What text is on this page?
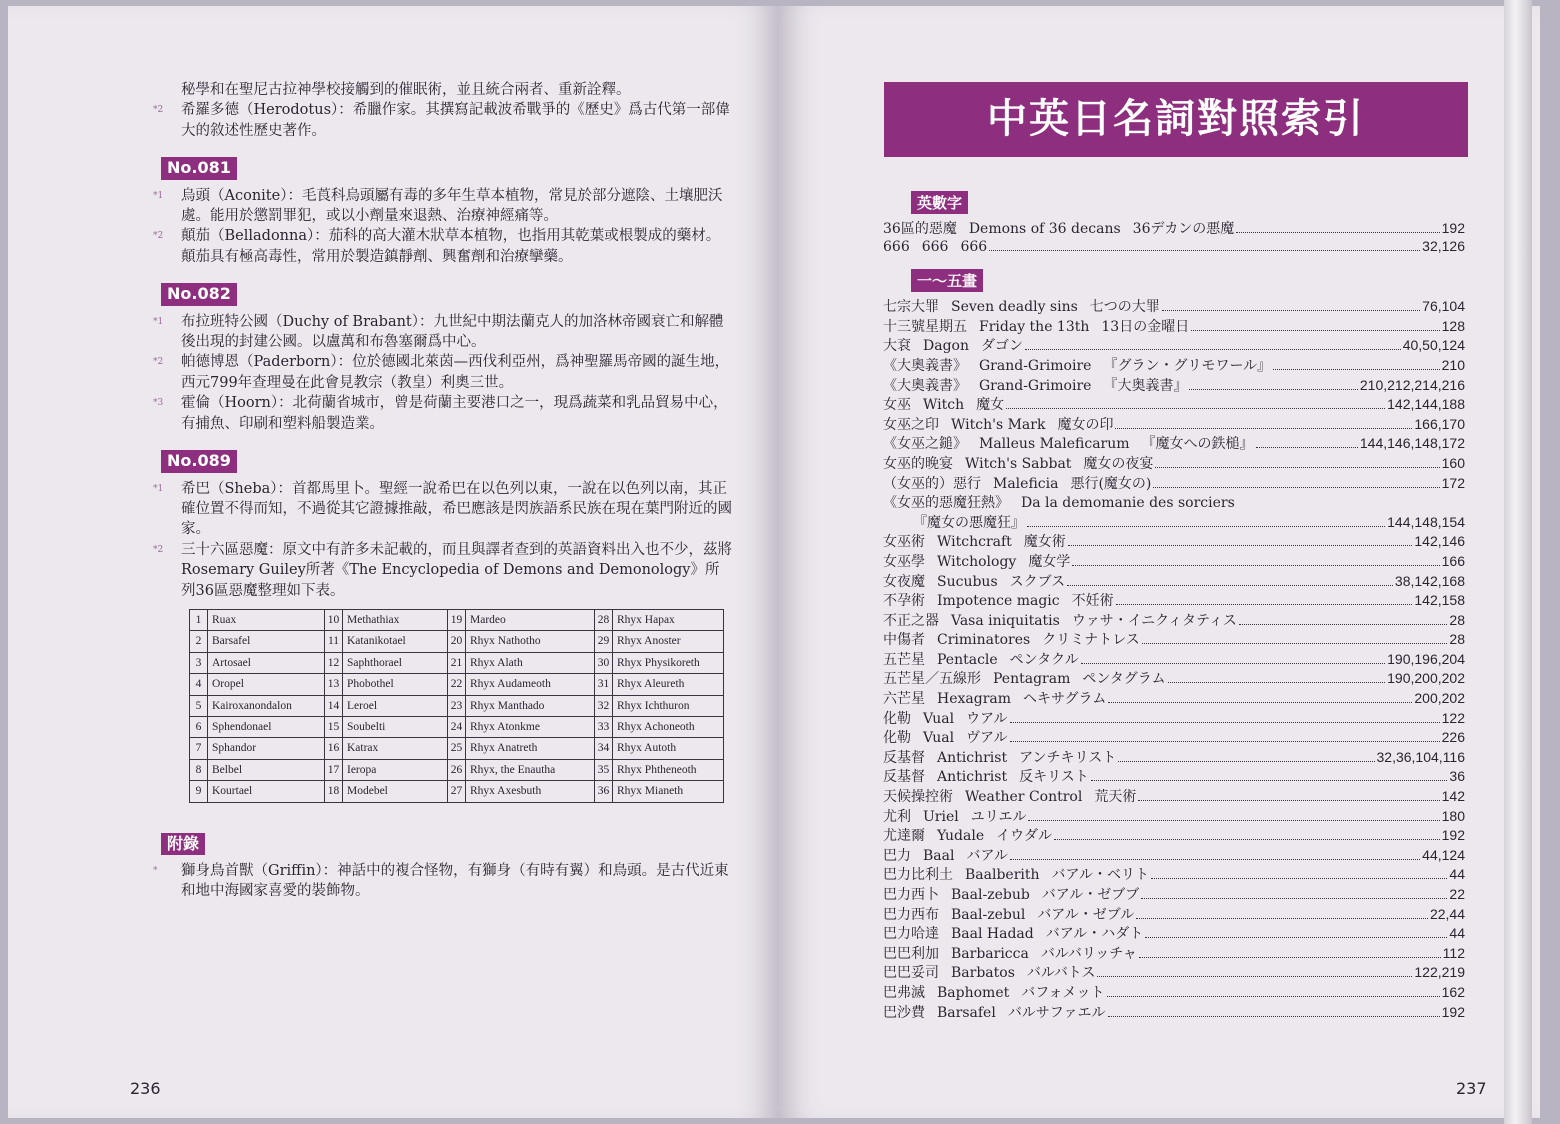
秘學和在聖尼古拉神學校接觸到的催眠術，並且統合兩者、重新詮釋。

*2 希羅多德（Herodotus）：希臘作家。其撰寫記載波希戰爭的《歷史》爲古代第一部偉大的敘述性歷史著作。

No.081

*1 烏頭（Aconite）：毛莨科烏頭屬有毒的多年生草本植物，常見於部分遮陰、土壤肥沃處。能用於懲罰罪犯，或以小劑量來退熱、治療神經痛等。

*2 顛茄（Belladonna）：茄科的高大灌木狀草本植物，也指用其乾葉或根製成的藥材。顛茄具有極高毒性，常用於製造鎮靜劑、興奮劑和治療攣藥。

No.082

*1 布拉班特公國（Duchy of Brabant）：九世紀中期法蘭克人的加洛林帝國衰亡和解體後出現的封建公國。以盧萬和布魯塞爾爲中心。

*2 帕德博恩（Paderborn）：位於德國北萊茵—西伐利亞州，爲神聖羅馬帝國的誕生地，西元799年查理曼在此會見教宗（教皇）利奧三世。

*3 霍倫（Hoorn）：北荷蘭省城市，曾是荷蘭主要港口之一，現爲蔬菜和乳品貿易中心，有捕魚、印刷和塑料船製造業。

No.089

*1 希巴（Sheba）：首都馬里卜。聖經一說希巴在以色列以東，一說在以色列以南，其正確位置不得而知，不過從其它證據推敲，希巴應該是閃族語系民族在現在葉門附近的國家。

*2 三十六區惡魔：原文中有許多未記載的，而且與譯者查到的英語資料出入也不少，茲將Rosemary Guiley所著《The Encyclopedia of Demons and Demonology》所列36區惡魔整理如下表。

1	Ruax	10	Methathiax	19	Mardeo	28	Rhyx Hapax
2	Barsafel	11	Katanikotael	20	Rhyx Nathotho	29	Rhyx Anoster
3	Artosael	12	Saphthorael	21	Rhyx Alath	30	Rhyx Physikoreth
4	Oropel	13	Phobothel	22	Rhyx Audameoth	31	Rhyx Aleureth
5	Kairoxanondalon	14	Leroel	23	Rhyx Manthado	32	Rhyx Ichthuron
6	Sphendonael	15	Soubelti	24	Rhyx Atonkme	33	Rhyx Achoneoth
7	Sphandor	16	Katrax	25	Rhyx Anatreth	34	Rhyx Autoth
8	Belbel	17	Ieropa	26	Rhyx, the Enautha	35	Rhyx Phtheneoth
9	Kourtael	18	Modebel	27	Rhyx Axesbuth	36	Rhyx Mianeth
附錄

* 獅身鳥首獸（Griffin）：神話中的複合怪物，有獅身（有時有翼）和鳥頭。是古代近東和地中海國家喜愛的裝飾物。

236
中英日名詞對照索引
英數字
36區的惡魔 Demons of 36 decans 36デカンの悪魔	192
666 666 666	32,126
一～五畫
七宗大罪 Seven deadly sins 七つの大罪	76,104
十三號星期五 Friday the 13th 13日の金曜日	128
大袞 Dagon ダゴン	40,50,124
《大奧義書》 Grand-Grimoire 『グラン・グリモワール』	210
《大奧義書》 Grand-Grimoire 『大奥義書』	210,212,214,216
女巫 Witch 魔女	142,144,188
女巫之印 Witch's Mark 魔女の印	166,170
《女巫之鎚》 Malleus Maleficarum 『魔女への鉄槌』	144,146,148,172
女巫的晚宴 Witch's Sabbat 魔女の夜宴	160
（女巫的）惡行 Maleficia 悪行(魔女の)	172
《女巫的惡魔狂熱》 Da la demomanie des sorciers
『魔女の悪魔狂』	144,148,154
女巫術 Witchcraft 魔女術	142,146
女巫學 Witchology 魔女学	166
女夜魔 Sucubus スクブス	38,142,168
不孕術 Impotence magic 不妊術	142,158
不正之器 Vasa iniquitatis ウァサ・イニクィタティス	28
中傷者 Criminatores クリミナトレス	28
五芒星 Pentacle ペンタクル	190,196,204
五芒星／五線形 Pentagram ペンタグラム	190,200,202
六芒星 Hexagram ヘキサグラム	200,202
化勒 Vual ウアル	122
化勒 Vual ヴアル	226
反基督 Antichrist アンチキリスト	32,36,104,116
反基督 Antichrist 反キリスト	36
天候操控術 Weather Control 荒天術	142
尤利 Uriel ユリエル	180
尤達爾 Yudale イウダル	192
巴力 Baal バアル	44,124
巴力比利土 Baalberith バアル・ベリト	44
巴力西卜 Baal-zebub バアル・ゼブブ	22
巴力西布 Baal-zebul バアル・ゼブル	22,44
巴力哈達 Baal Hadad バアル・ハダト	44
巴巴利加 Barbaricca バルバリッチャ	112
巴巴妥司 Barbatos バルバトス	122,219
巴弗滅 Baphomet バフォメット	162
巴沙費 Barsafel バルサファエル	192
237
